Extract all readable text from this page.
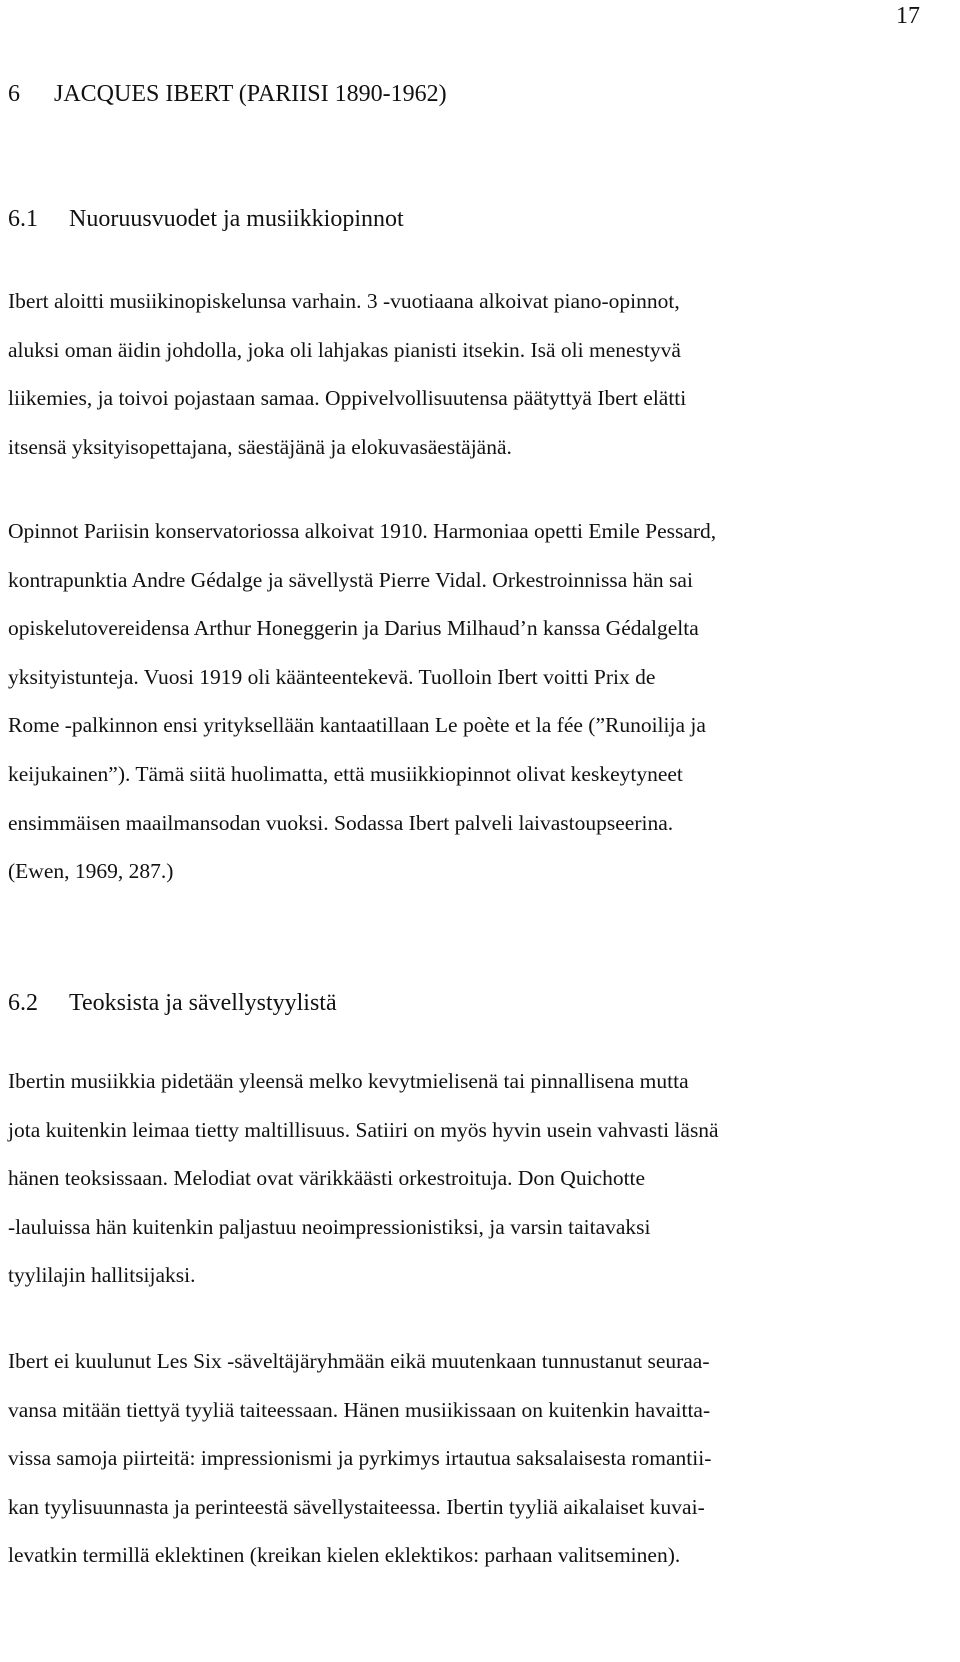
17
6 JACQUES IBERT (PARIISI 1890-1962)
6.1 Nuoruusvuodet ja musiikkiopinnot
Ibert aloitti musiikinopiskelunsa varhain. 3 -vuotiaana alkoivat piano-opinnot,
aluksi oman äidin johdolla, joka oli lahjakas pianisti itsekin. Isä oli menestyvä
liikemies, ja toivoi pojastaan samaa. Oppivelvollisuutensa päätyttyä Ibert elätti
itsensä yksityisopettajana, säestäjänä ja elokuvasäestäjänä.
Opinnot Pariisin konservatoriossa alkoivat 1910. Harmoniaa opetti Emile Pessard,
kontrapunktia Andre Gédalge ja sävellystä Pierre Vidal. Orkestroinnissa hän sai
opiskelutovereidensa Arthur Honeggerin ja Darius Milhaud’n kanssa Gédalgelta
yksityistunteja. Vuosi 1919 oli käänteentekevä. Tuolloin Ibert voitti Prix de
Rome -palkinnon ensi yrityksellään kantaatillaan Le poète et la fée (”Runoilija ja
keijukainen”). Tämä siitä huolimatta, että musiikkiopinnot olivat keskeytyneet
ensimmäisen maailmansodan vuoksi. Sodassa Ibert palveli laivastoupseerina.
(Ewen, 1969, 287.)
6.2 Teoksista ja sävellystyylistä
Ibertin musiikkia pidetään yleensä melko kevytmielisenä tai pinnallisena mutta
jota kuitenkin leimaa tietty maltillisuus. Satiiri on myös hyvin usein vahvasti läsnä
hänen teoksissaan. Melodiat ovat värikkäästi orkestroituja. Don Quichotte
-lauluissa hän kuitenkin paljastuu neoimpressionistiksi, ja varsin taitavaksi
tyylilajin hallitsijaksi.
Ibert ei kuulunut Les Six -säveltäjäryhmään eikä muutenkaan tunnustanut seuraa-
vansa mitään tiettyä tyyliä taiteessaan. Hänen musiikissaan on kuitenkin havaitta-
vissa samoja piirteitä: impressionismi ja pyrkimys irtautua saksalaisesta romantii-
kan tyylisuunnasta ja perinteestä sävellystaiteessa. Ibertin tyyliä aikalaiset kuvai-
levatkin termillä eklektinen (kreikan kielen eklektikos: parhaan valitseminen).
